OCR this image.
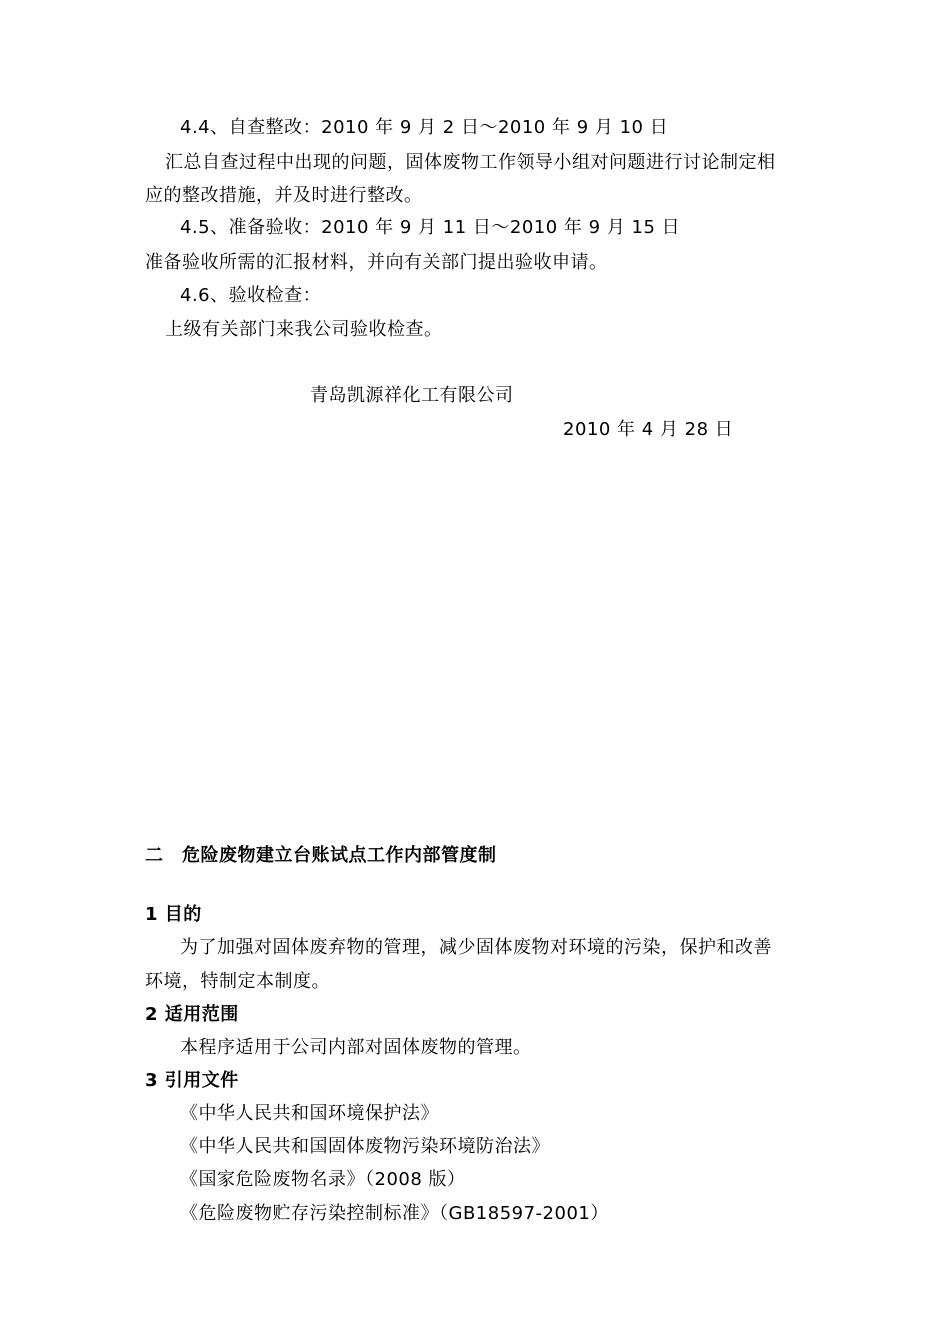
4.4、自查整改：2010 年 9 月 2 日～2010 年 9 月 10 日
汇总自查过程中出现的问题，固体废物工作领导小组对问题进行讨论制定相
应的整改措施，并及时进行整改。
4.5、准备验收：2010 年 9 月 11 日～2010 年 9 月 15 日
准备验收所需的汇报材料，并向有关部门提出验收申请。
4.6、验收检查：
上级有关部门来我公司验收检查。
青岛凯源祥化工有限公司
2010 年 4 月 28 日
二　危险废物建立台账试点工作内部管度制
1 目的
为了加强对固体废弃物的管理，减少固体废物对环境的污染，保护和改善
环境，特制定本制度。
2 适用范围
本程序适用于公司内部对固体废物的管理。
3 引用文件
《中华人民共和国环境保护法》
《中华人民共和国固体废物污染环境防治法》
《国家危险废物名录》（2008 版）
《危险废物贮存污染控制标准》（GB18597-2001）
